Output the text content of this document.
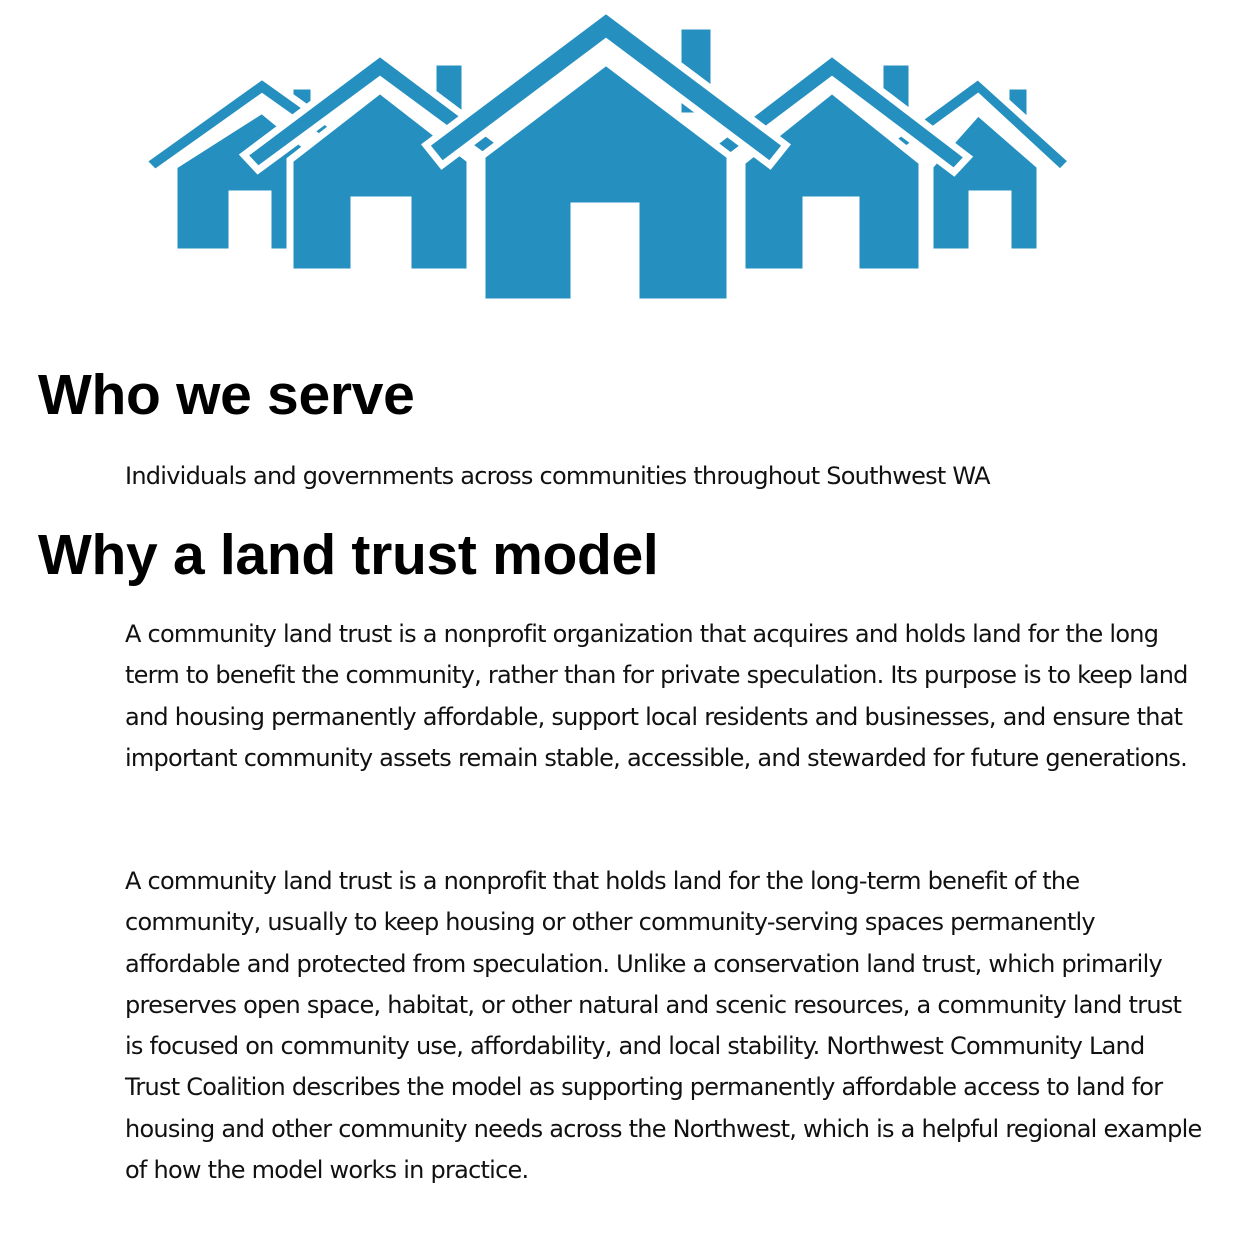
Who we serve

Individuals and governments across communities throughout Southwest WA

Why a land trust model

A community land trust is a nonprofit organization that acquires and holds land for the long term to benefit the community, rather than for private speculation. Its purpose is to keep land and housing permanently affordable, support local residents and businesses, and ensure that important community assets remain stable, accessible, and stewarded for future generations.

A community land trust is a nonprofit that holds land for the long-term benefit of the community, usually to keep housing or other community-serving spaces permanently affordable and protected from speculation. Unlike a conservation land trust, which primarily preserves open space, habitat, or other natural and scenic resources, a community land trust is focused on community use, affordability, and local stability. Northwest Community Land Trust Coalition describes the model as supporting permanently affordable access to land for housing and other community needs across the Northwest, which is a helpful regional example of how the model works in practice.
